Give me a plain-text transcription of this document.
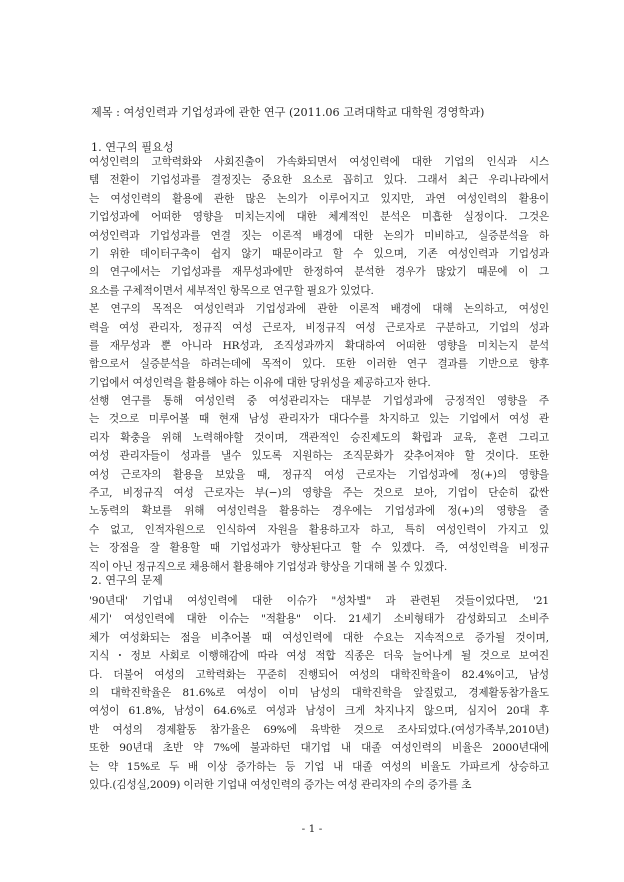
제목 : 여성인력과 기업성과에 관한 연구 (2011.06 고려대학교 대학원 경영학과)
1. 연구의 필요성
여성인력의 고학력화와 사회진출이 가속화되면서 여성인력에 대한 기업의 인식과 시스
템 전환이 기업성과를 결정짓는 중요한 요소로 꼽히고 있다. 그래서 최근 우리나라에서
는 여성인력의 활용에 관한 많은 논의가 이루어지고 있지만, 과연 여성인력의 활용이
기업성과에 어떠한 영향을 미치는지에 대한 체계적인 분석은 미흡한 실정이다. 그것은
여성인력과 기업성과를 연결 짓는 이론적 배경에 대한 논의가 미비하고, 실증분석을 하
기 위한 데이터구축이 쉽지 않기 때문이라고 할 수 있으며, 기존 여성인력과 기업성과
의 연구에서는 기업성과를 재무성과에만 한정하여 분석한 경우가 많았기 때문에 이 그
요소를 구체적이면서 세부적인 항목으로 연구할 필요가 있었다.
본 연구의 목적은 여성인력과 기업성과에 관한 이론적 배경에 대해 논의하고, 여성인
력을 여성 관리자, 정규직 여성 근로자, 비정규직 여성 근로자로 구분하고, 기업의 성과
를 재무성과 뿐 아니라 HR성과, 조직성과까지 확대하여 어떠한 영향을 미치는지 분석
함으로서 실증분석을 하려는데에 목적이 있다. 또한 이러한 연구 결과를 기반으로 향후
기업에서 여성인력을 활용해야 하는 이유에 대한 당위성을 제공하고자 한다.
선행 연구를 통해 여성인력 중 여성관리자는 대부분 기업성과에 긍정적인 영향을 주
는 것으로 미루어볼 때 현재 남성 관리자가 대다수를 차지하고 있는 기업에서 여성 관
리자 확충을 위해 노력해야할 것이며, 객관적인 승진제도의 확립과 교육, 훈련 그리고
여성 관리자들이 성과를 낼수 있도록 지원하는 조직문화가 갖추어져야 할 것이다. 또한
여성 근로자의 활용을 보았을 때, 정규직 여성 근로자는 기업성과에 정(+)의 영향을
주고, 비정규직 여성 근로자는 부(−)의 영향을 주는 것으로 보아, 기업이 단순히 값싼
노동력의 확보를 위해 여성인력을 활용하는 경우에는 기업성과에 정(+)의 영향을 줄
수 없고, 인적자원으로 인식하여 자원을 활용하고자 하고, 특히 여성인력이 가지고 있
는 장점을 잘 활용할 때 기업성과가 향상된다고 할 수 있겠다. 즉, 여성인력을 비정규
직이 아닌 정규직으로 채용해서 활용해야 기업성과 향상을 기대해 볼 수 있겠다.
2. 연구의 문제
'90년대' 기업내 여성인력에 대한 이슈가 "성차별" 과 관련된 것들이었다면, '21
세기' 여성인력에 대한 이슈는 "적활용" 이다. 21세기 소비형태가 감성화되고 소비주
체가 여성화되는 점을 비추어볼 때 여성인력에 대한 수요는 지속적으로 증가될 것이며,
지식・정보 사회로 이행해감에 따라 여성 적합 직종은 더욱 늘어나게 될 것으로 보여진
다. 더불어 여성의 고학력화는 꾸준히 진행되어 여성의 대학진학율이 82.4%이고, 남성
의 대학진학율은 81.6%로 여성이 이미 남성의 대학진학을 앞질렀고, 경제활동참가율도
여성이 61.8%, 남성이 64.6%로 여성과 남성이 크게 차지나지 않으며, 심지어 20대 후
반 여성의 경제활동 참가율은 69%에 육박한 것으로 조사되었다.(여성가족부,2010년)
또한 90년대 초반 약 7%에 불과하던 대기업 내 대졸 여성인력의 비율은 2000년대에
는 약 15%로 두 배 이상 증가하는 등 기업 내 대졸 여성의 비율도 가파르게 상승하고
있다.(김성실,2009) 이러한 기업내 여성인력의 증가는 여성 관리자의 수의 증가를 초
- 1 -
